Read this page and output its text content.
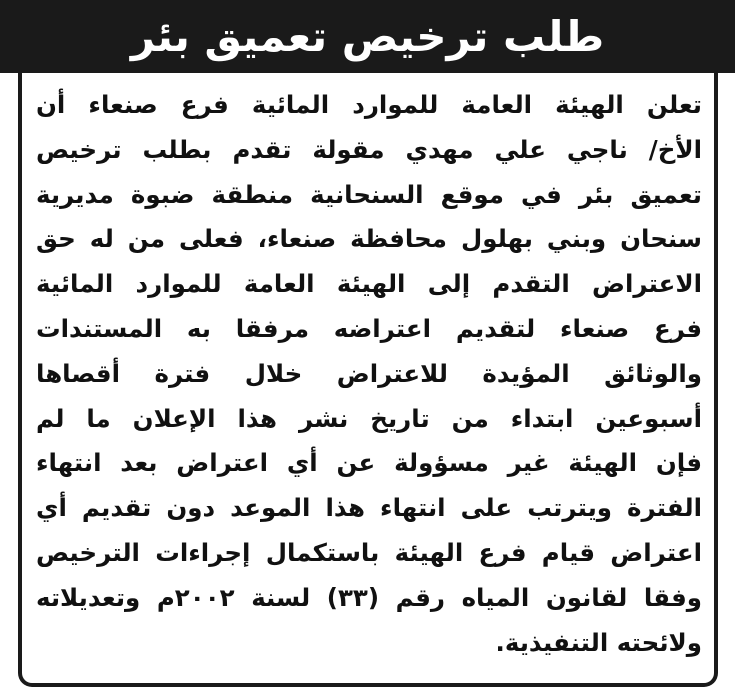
طلب ترخيص تعميق بئر
تعلن الهيئة العامة للموارد المائية فرع صنعاء أن
الأخ/ ناجي علي مهدي مقولة تقدم بطلب ترخيص
تعميق بئر في موقع السنحانية منطقة ضبوة مديرية
سنحان وبني بهلول محافظة صنعاء، فعلى من له حق
الاعتراض التقدم إلى الهيئة العامة للموارد المائية
فرع صنعاء لتقديم اعتراضه مرفقا به المستندات
والوثائق المؤيدة للاعتراض خلال فترة أقصاها
أسبوعين ابتداء من تاريخ نشر هذا الإعلان ما لم
فإن الهيئة غير مسؤولة عن أي اعتراض بعد انتهاء
الفترة ويترتب على انتهاء هذا الموعد دون تقديم أي
اعتراض قيام فرع الهيئة باستكمال إجراءات الترخيص
وفقا لقانون المياه رقم (٣٣) لسنة ٢٠٠٢م وتعديلاته
ولائحته التنفيذية.
